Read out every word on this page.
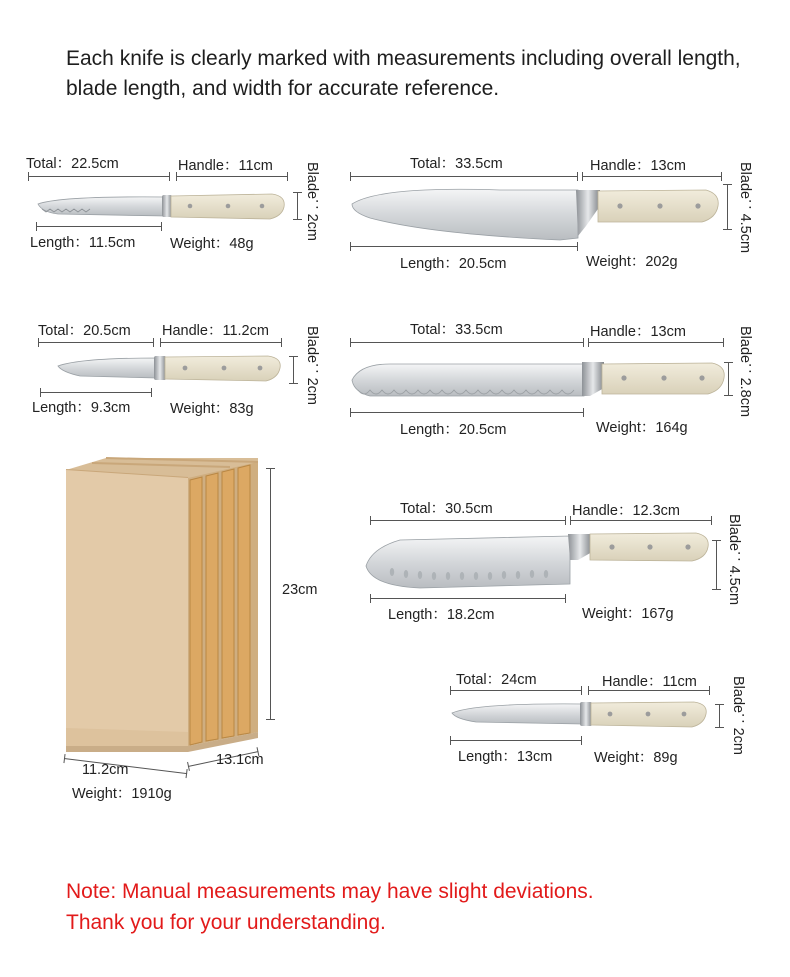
Each knife is clearly marked with measurements including overall length, blade length, and width for accurate reference.
Total：22.5cm	Handle：11cm
Length：11.5cm Weight：48g
Blade：2cm	Total：33.5cm	Handle：13cm
Length：20.5cm	Weight：202g
Blade：4.5cm
Total：20.5cm Handle：11.2cm
Length：9.3cm	Weight：83g
Blade：2cm	Total：33.5cm	Handle：13cm
Length：20.5cm	Weight：164g
Blade：2.8cm
Total：30.5cm	Handle：12.3cm
Length：18.2cm	Weight：167g
Blade：4.5cm
Total：24cm	Handle：11cm
Length：13cm	Weight：89g
Blade：2cm
23cm
11.2cm
13.1cm
Weight：1910g
Note: Manual measurements may have slight deviations.
Thank you for your understanding.
